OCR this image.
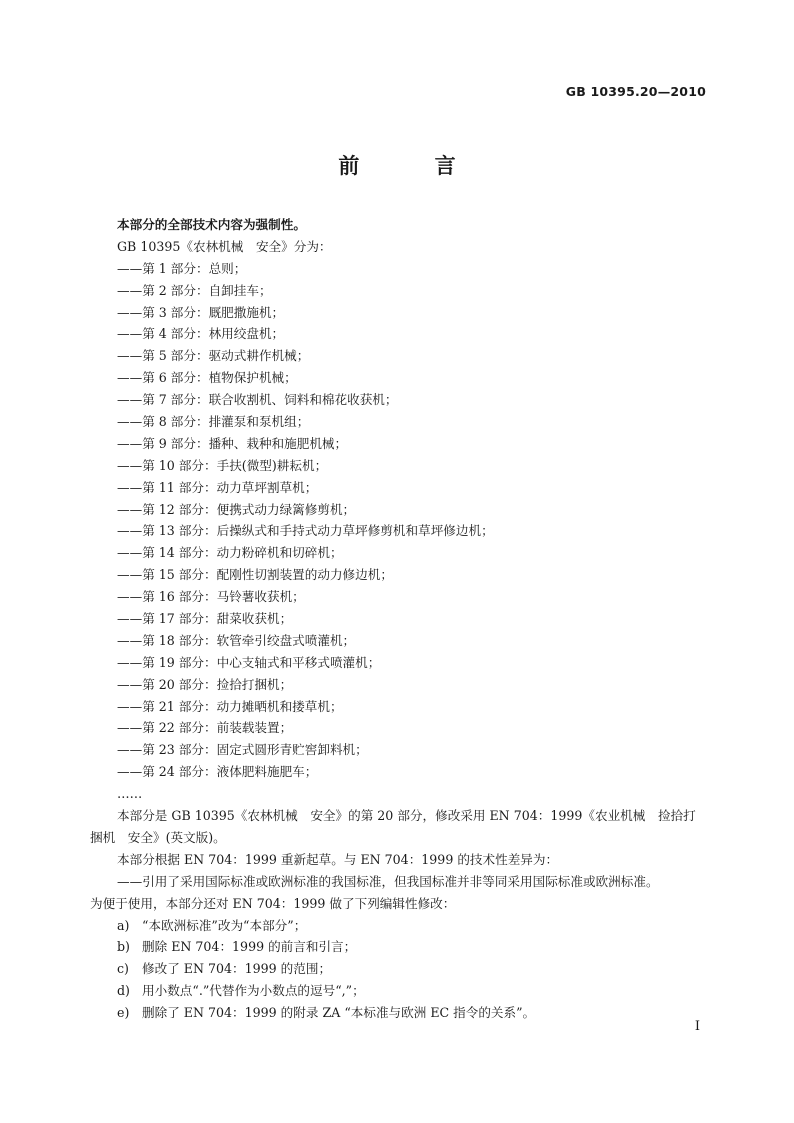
GB 10395.20—2010
前 言
本部分的全部技术内容为强制性。
GB 10395《农林机械　安全》分为：
——第 1 部分：总则；
——第 2 部分：自卸挂车；
——第 3 部分：厩肥撒施机；
——第 4 部分：林用绞盘机；
——第 5 部分：驱动式耕作机械；
——第 6 部分：植物保护机械；
——第 7 部分：联合收割机、饲料和棉花收获机；
——第 8 部分：排灌泵和泵机组；
——第 9 部分：播种、栽种和施肥机械；
——第 10 部分：手扶(微型)耕耘机；
——第 11 部分：动力草坪割草机；
——第 12 部分：便携式动力绿篱修剪机；
——第 13 部分：后操纵式和手持式动力草坪修剪机和草坪修边机；
——第 14 部分：动力粉碎机和切碎机；
——第 15 部分：配刚性切割装置的动力修边机；
——第 16 部分：马铃薯收获机；
——第 17 部分：甜菜收获机；
——第 18 部分：软管牵引绞盘式喷灌机；
——第 19 部分：中心支轴式和平移式喷灌机；
——第 20 部分：捡拾打捆机；
——第 21 部分：动力摊晒机和搂草机；
——第 22 部分：前装载装置；
——第 23 部分：固定式圆形青贮窖卸料机；
——第 24 部分：液体肥料施肥车；
……
本部分是 GB 10395《农林机械　安全》的第 20 部分，修改采用 EN 704：1999《农业机械　捡拾打捆机　安全》(英文版)。
本部分根据 EN 704：1999 重新起草。与 EN 704：1999 的技术性差异为：
——引用了采用国际标准或欧洲标准的我国标准，但我国标准并非等同采用国际标准或欧洲标准。
为便于使用，本部分还对 EN 704：1999 做了下列编辑性修改：
a) “本欧洲标准”改为“本部分”；
b) 删除 EN 704：1999 的前言和引言；
c) 修改了 EN 704：1999 的范围；
d) 用小数点“.”代替作为小数点的逗号“,”；
e) 删除了 EN 704：1999 的附录 ZA “本标准与欧洲 EC 指令的关系”。
I
